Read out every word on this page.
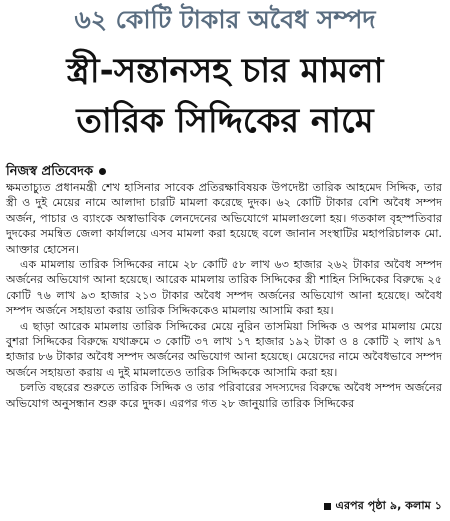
৬২ কোটি টাকার অবৈধ সম্পদ
স্ত্রী-সন্তানসহ চার মামলা
তারিক সিদ্দিকের নামে
নিজস্ব প্রতিবেদক

ক্ষমতাচ্যুত প্রধানমন্ত্রী শেখ হাসিনার সাবেক প্রতিরক্ষাবিষয়ক উপদেষ্টা তারিক আহমেদ সিদ্দিক, তার স্ত্রী ও দুই মেয়ের নামে আলাদা চারটি মামলা করেছে দুদক। ৬২ কোটি টাকার বেশি অবৈধ সম্পদ অর্জন, পাচার ও ব্যাংকে অস্বাভাবিক লেনদেনের অভিযোগে মামলাগুলো হয়। গতকাল বৃহস্পতিবার দুদকের সমন্বিত জেলা কার্যালয়ে এসব মামলা করা হয়েছে বলে জানান সংস্থাটির মহাপরিচালক মো. আক্তার হোসেন।

এক মামলায় তারিক সিদ্দিকের নামে ২৮ কোটি ৫৮ লাখ ৬৩ হাজার ২৬২ টাকার অবৈধ সম্পদ অর্জনের অভিযোগ আনা হয়েছে। আরেক মামলায় তারিক সিদ্দিকের স্ত্রী শাহিন সিদ্দিকের বিরুদ্ধে ২৫ কোটি ৭৬ লাখ ৯৩ হাজার ২১৩ টাকার অবৈধ সম্পদ অর্জনের অভিযোগ আনা হয়েছে। অবৈধ সম্পদ অর্জনে সহায়তা করায় তারিক সিদ্দিককেও মামলায় আসামি করা হয়।

এ ছাড়া আরেক মামলায় তারিক সিদ্দিকের মেয়ে নুরিন তাসমিয়া সিদ্দিক ও অপর মামলায় মেয়ে বুশরা সিদ্দিকের বিরুদ্ধে যথাক্রমে ৩ কোটি ৩৭ লাখ ১৭ হাজার ১৯২ টাকা ও ৪ কোটি ২ লাখ ৯৭ হাজার ৮৬ টাকার অবৈধ সম্পদ অর্জনের অভিযোগ আনা হয়েছে। মেয়েদের নামে অবৈধভাবে সম্পদ অর্জনে সহায়তা করায় এ দুই মামলাতেও তারিক সিদ্দিককে আসামি করা হয়।

চলতি বছরের শুরুতে তারিক সিদ্দিক ও তার পরিবারের সদস্যদের বিরুদ্ধে অবৈধ সম্পদ অর্জনের অভিযোগ অনুসন্ধান শুরু করে দুদক। এরপর গত ২৮ জানুয়ারি তারিক সিদ্দিকের

এরপর পৃষ্ঠা ৯, কলাম ১
